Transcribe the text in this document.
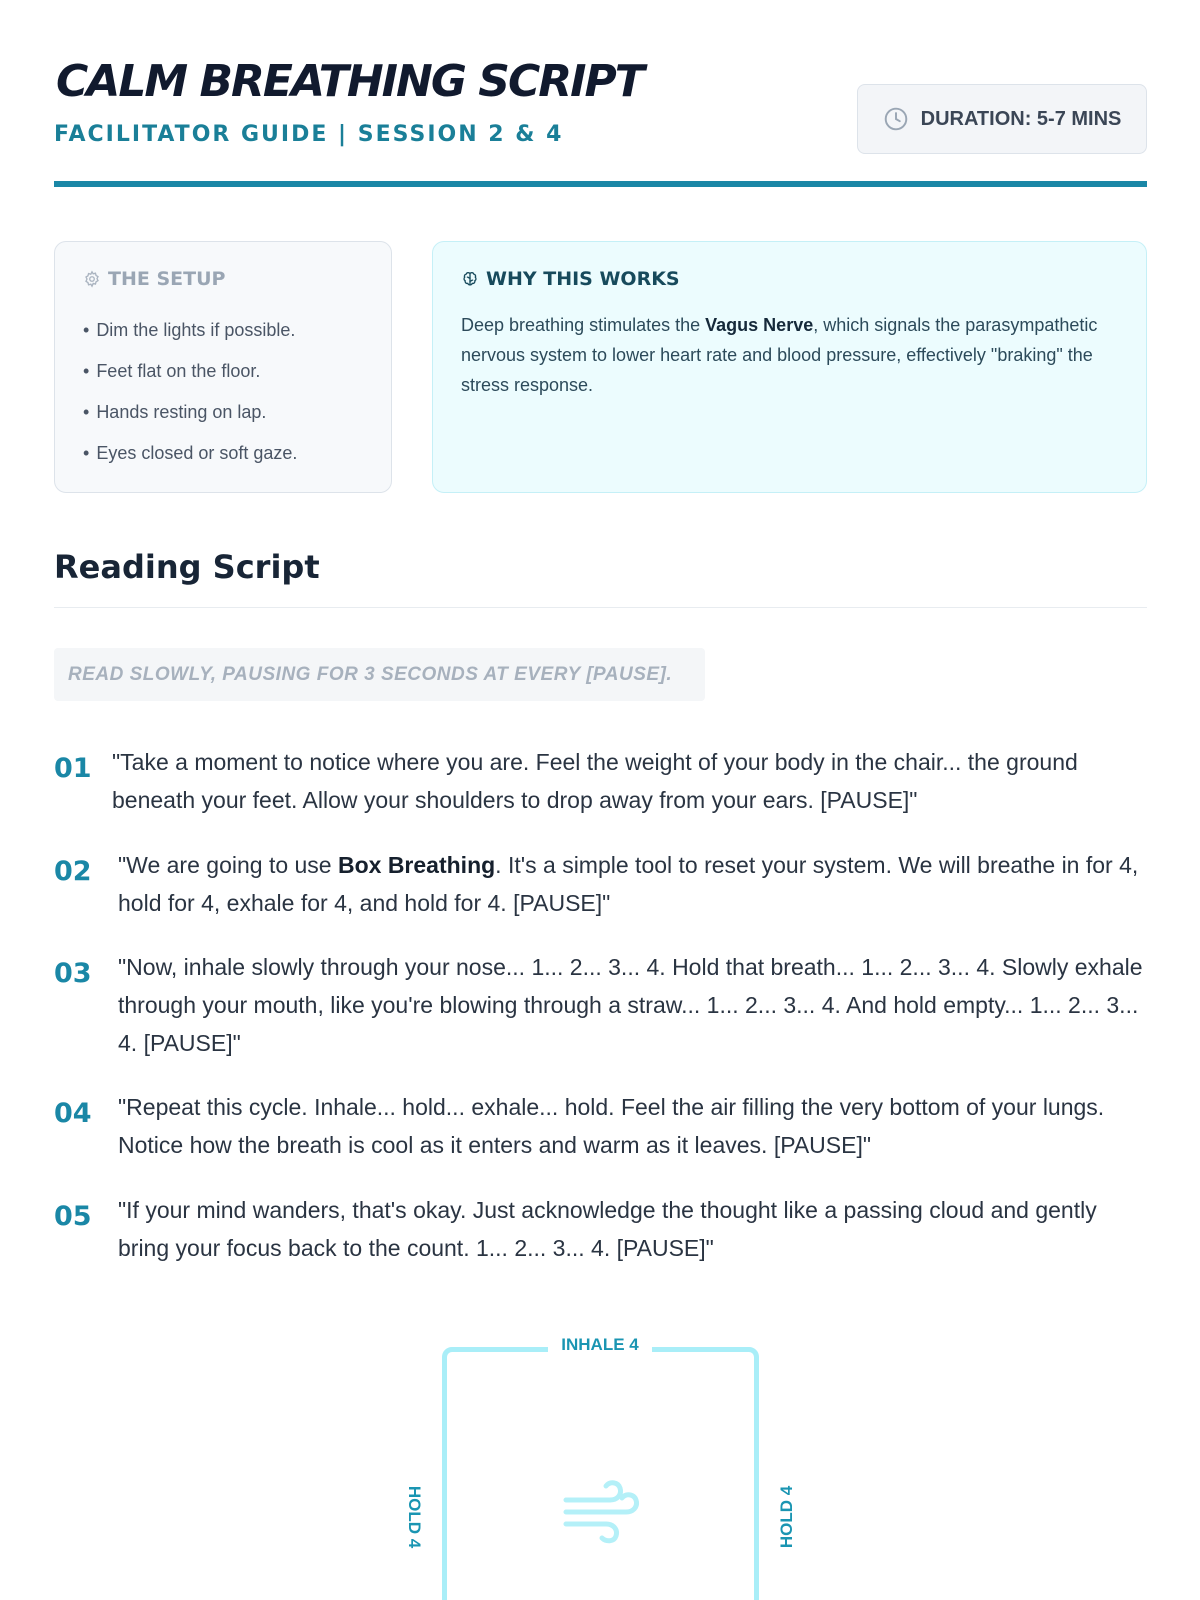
CALM BREATHING SCRIPT
FACILITATOR GUIDE | SESSION 2 & 4
DURATION: 5-7 MINS
THE SETUP
• Dim the lights if possible.
• Feet flat on the floor.
• Hands resting on lap.
• Eyes closed or soft gaze.
WHY THIS WORKS

Deep breathing stimulates the Vagus Nerve, which signals the parasympathetic nervous system to lower heart rate and blood pressure, effectively "braking" the stress response.

Reading Script
READ SLOWLY, PAUSING FOR 3 SECONDS AT EVERY [PAUSE].
01 "Take a moment to notice where you are. Feel the weight of your body in the chair... the ground beneath your feet. Allow your shoulders to drop away from your ears. [PAUSE]"
02 "We are going to use Box Breathing. It's a simple tool to reset your system. We will breathe in for 4, hold for 4, exhale for 4, and hold for 4. [PAUSE]"
03 "Now, inhale slowly through your nose... 1... 2... 3... 4. Hold that breath... 1... 2... 3... 4. Slowly exhale through your mouth, like you're blowing through a straw... 1... 2... 3... 4. And hold empty... 1... 2... 3... 4. [PAUSE]"
04 "Repeat this cycle. Inhale... hold... exhale... hold. Feel the air filling the very bottom of your lungs. Notice how the breath is cool as it enters and warm as it leaves. [PAUSE]"
05 "If your mind wanders, that's okay. Just acknowledge the thought like a passing cloud and gently bring your focus back to the count. 1... 2... 3... 4. [PAUSE]"
INHALE 4
HOLD 4	HOLD 4
